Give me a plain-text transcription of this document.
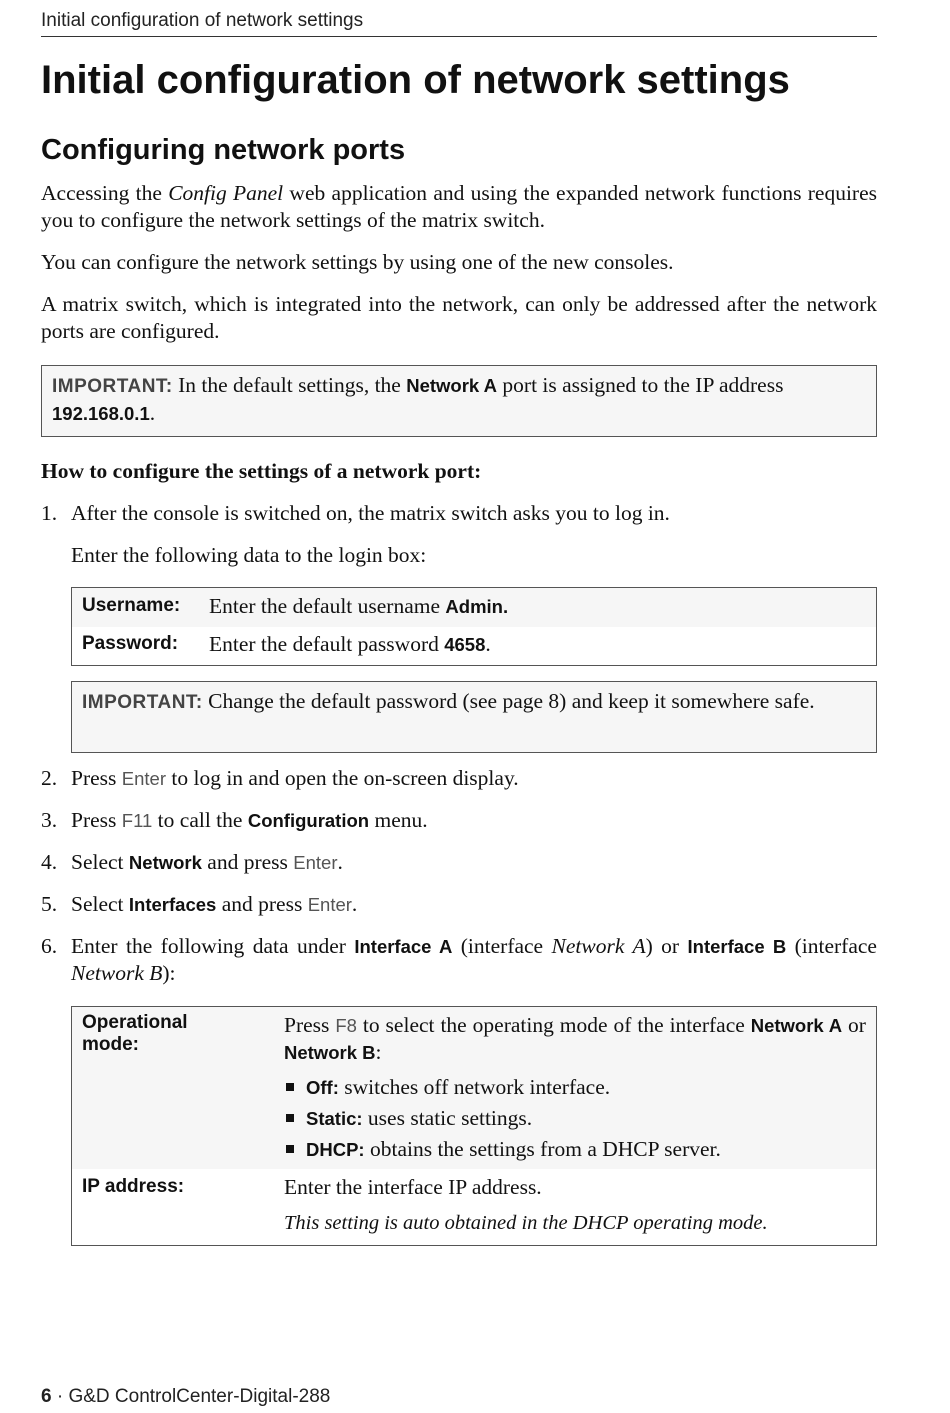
Initial configuration of network settings
Initial configuration of network settings
Configuring network ports

Accessing the Config Panel web application and using the expanded network functions requires you to configure the network settings of the matrix switch.

You can configure the network settings by using one of the new consoles.

A matrix switch, which is integrated into the network, can only be addressed after the network ports are configured.

IMPORTANT: In the default settings, the Network A port is assigned to the IP address 192.168.0.1.

How to configure the settings of a network port:

1. After the console is switched on, the matrix switch asks you to log in.
Enter the following data to the login box:
Username: Enter the default username Admin.
Password: Enter the default password 4658.
IMPORTANT: Change the default password (see page 8) and keep it somewhere safe.
2. Press Enter to log in and open the on-screen display.
3. Press F11 to call the Configuration menu.
4. Select Network and press Enter.
5. Select Interfaces and press Enter.
6. Enter the following data under Interface A (interface Network A) or Interface B (interface Network B):
Operational
mode:
Press F8 to select the operating mode of the interface Network A or Network B:
Off: switches off network interface.
Static: uses static settings.
DHCP: obtains the settings from a DHCP server.
IP address:	Enter the interface IP address.
This setting is auto obtained in the DHCP operating mode.
6 · G&D ControlCenter-Digital-288
